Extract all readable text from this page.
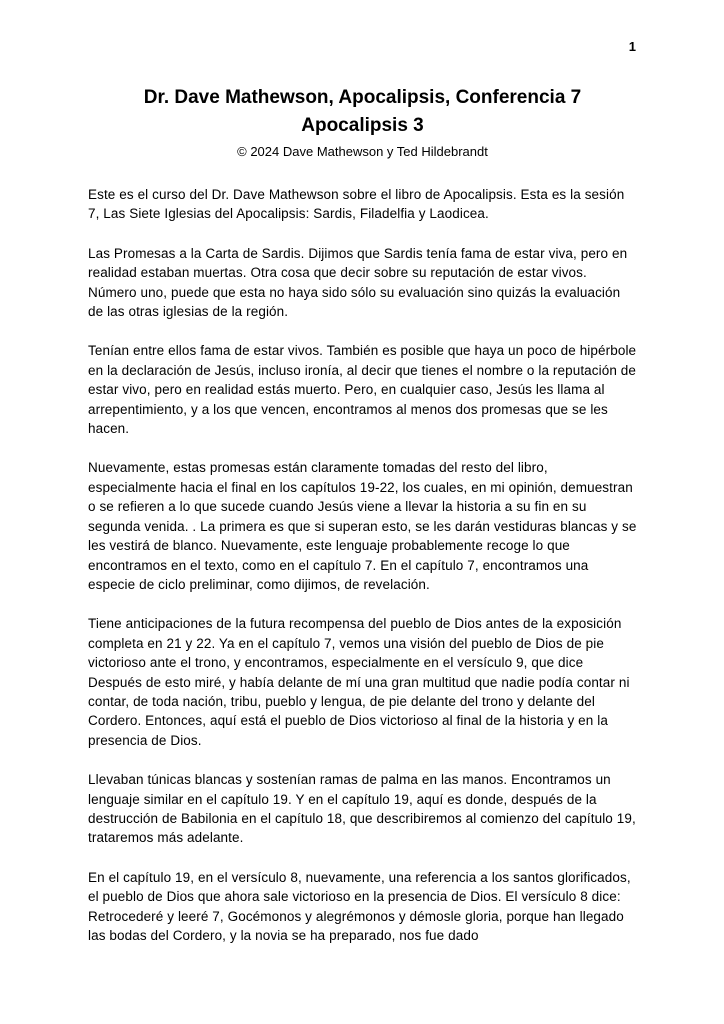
1
Dr. Dave Mathewson, Apocalipsis, Conferencia 7
Apocalipsis 3
© 2024 Dave Mathewson y Ted Hildebrandt

Este es el curso del Dr. Dave Mathewson sobre el libro de Apocalipsis. Esta es la sesión 7, Las Siete Iglesias del Apocalipsis: Sardis, Filadelfia y Laodicea.

Las Promesas a la Carta de Sardis. Dijimos que Sardis tenía fama de estar viva, pero en realidad estaban muertas. Otra cosa que decir sobre su reputación de estar vivos. Número uno, puede que esta no haya sido sólo su evaluación sino quizás la evaluación de las otras iglesias de la región.

Tenían entre ellos fama de estar vivos. También es posible que haya un poco de hipérbole en la declaración de Jesús, incluso ironía, al decir que tienes el nombre o la reputación de estar vivo, pero en realidad estás muerto. Pero, en cualquier caso, Jesús les llama al arrepentimiento, y a los que vencen, encontramos al menos dos promesas que se les hacen.

Nuevamente, estas promesas están claramente tomadas del resto del libro, especialmente hacia el final en los capítulos 19-22, los cuales, en mi opinión, demuestran o se refieren a lo que sucede cuando Jesús viene a llevar la historia a su fin en su segunda venida. . La primera es que si superan esto, se les darán vestiduras blancas y se les vestirá de blanco. Nuevamente, este lenguaje probablemente recoge lo que encontramos en el texto, como en el capítulo 7. En el capítulo 7, encontramos una especie de ciclo preliminar, como dijimos, de revelación.

Tiene anticipaciones de la futura recompensa del pueblo de Dios antes de la exposición completa en 21 y 22. Ya en el capítulo 7, vemos una visión del pueblo de Dios de pie victorioso ante el trono, y encontramos, especialmente en el versículo 9, que dice Después de esto miré, y había delante de mí una gran multitud que nadie podía contar ni contar, de toda nación, tribu, pueblo y lengua, de pie delante del trono y delante del Cordero. Entonces, aquí está el pueblo de Dios victorioso al final de la historia y en la presencia de Dios.

Llevaban túnicas blancas y sostenían ramas de palma en las manos. Encontramos un lenguaje similar en el capítulo 19. Y en el capítulo 19, aquí es donde, después de la destrucción de Babilonia en el capítulo 18, que describiremos al comienzo del capítulo 19, trataremos más adelante.

En el capítulo 19, en el versículo 8, nuevamente, una referencia a los santos glorificados, el pueblo de Dios que ahora sale victorioso en la presencia de Dios. El versículo 8 dice: Retrocederé y leeré 7, Gocémonos y alegrémonos y démosle gloria, porque han llegado las bodas del Cordero, y la novia se ha preparado, nos fue dado
